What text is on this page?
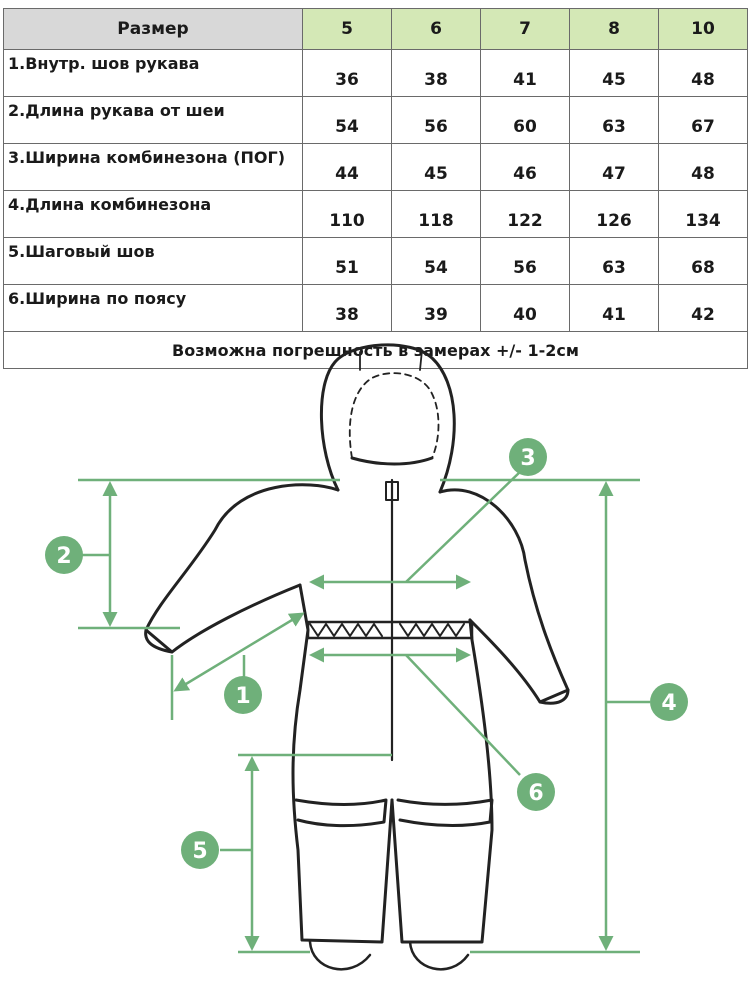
Размер	5	6	7	8	10
1.Внутр. шов рукава	36	38	41	45	48
2.Длина рукава от шеи	54	56	60	63	67
3.Ширина комбинезона (ПОГ)	44	45	46	47	48
4.Длина комбинезона	110	118	122	126	134
5.Шаговый шов	51	54	56	63	68
6.Ширина по поясу	38	39	40	41	42
Возможна погрешность в замерах +/- 1-2см					
1
2
3
4
5
6
